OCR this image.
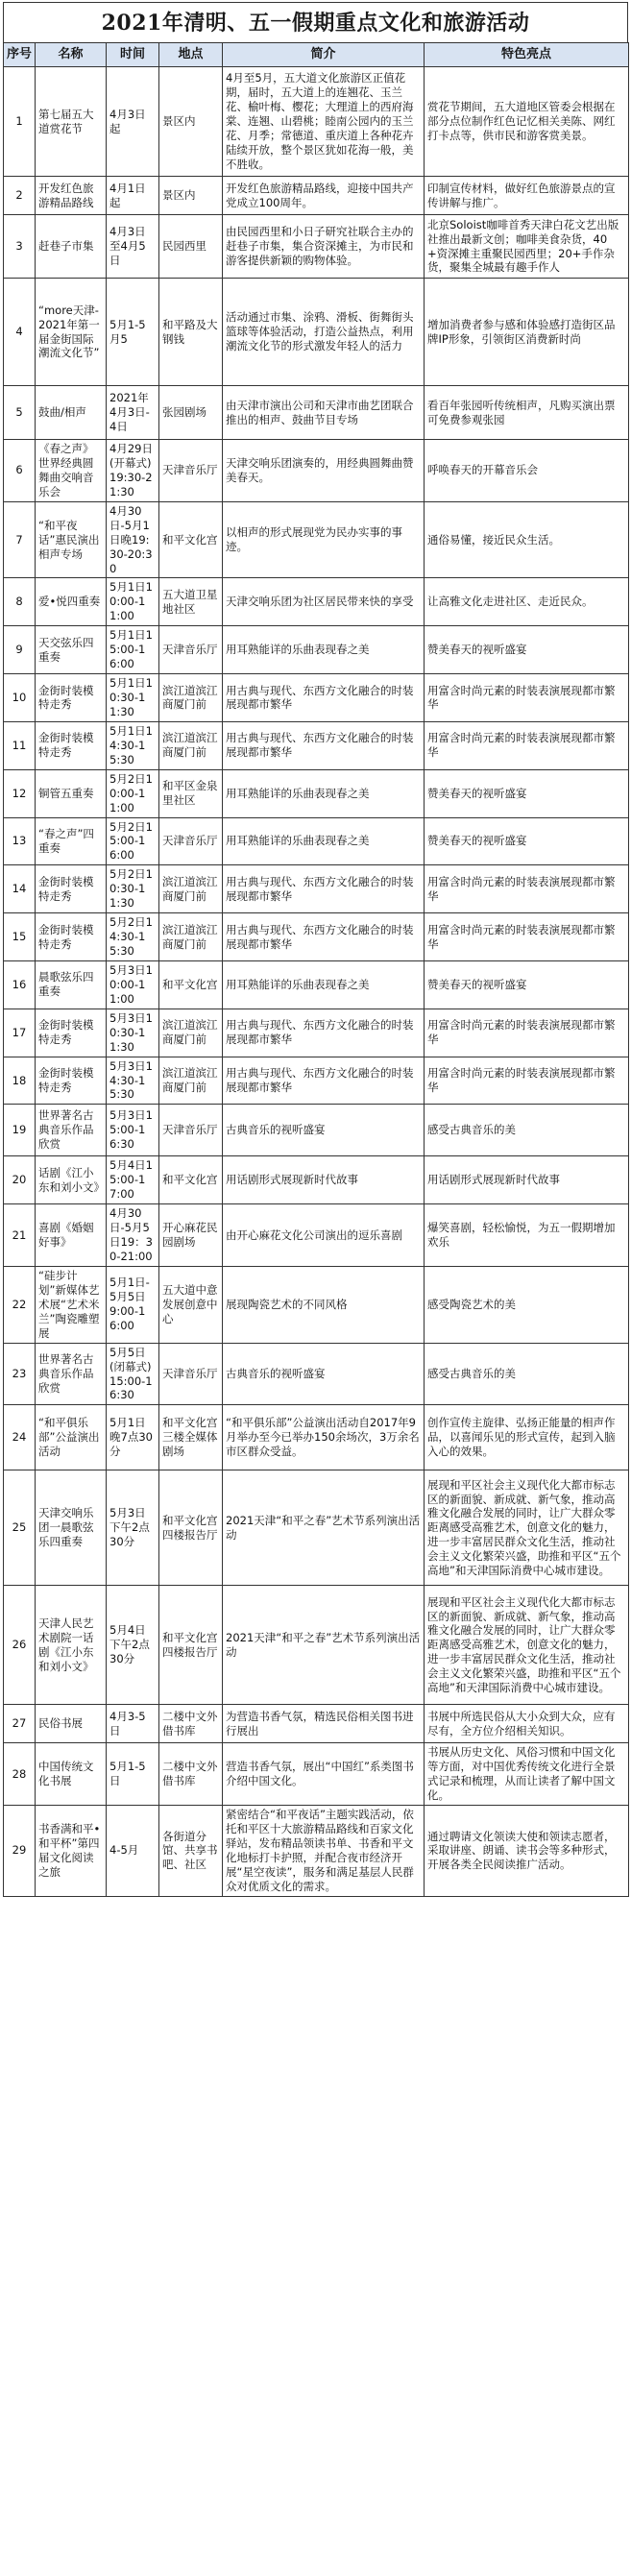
2021年清明、五一假期重点文化和旅游活动
序号	名称	时间	地点	简介	特色亮点
1	第七届五大道赏花节	4月3日起	景区内	4月至5月，五大道文化旅游区正值花期，届时，五大道上的连翘花、玉兰花、榆叶梅、樱花；大理道上的西府海棠、连翘、山碧桃；睦南公园内的玉兰花、月季；常德道、重庆道上各种花卉陆续开放，整个景区犹如花海一般，美不胜收。	赏花节期间，五大道地区管委会根据在部分点位制作红色记忆相关美陈、网红打卡点等，供市民和游客赏美景。
2	开发红色旅游精品路线	4月1日起	景区内	开发红色旅游精品路线，迎接中国共产党成立100周年。	印制宣传材料，做好红色旅游景点的宣传讲解与推广。
3	赶巷子市集	4月3日至4月5日	民园西里	由民园西里和小日子研究社联合主办的赶巷子市集，集合资深摊主，为市民和游客提供新颖的购物体验。	北京Soloist咖啡首秀天津白花文艺出版社推出最新文创；咖啡美食杂货，40+资深摊主重聚民园西里；20+手作杂货，聚集全城最有趣手作人
4	“more天津-2021年第一届金街国际潮流文化节”	5月1-5月5	和平路及大钢钱	活动通过市集、涂鸦、滑板、街舞街头篮球等体验活动，打造公益热点，利用潮流文化节的形式激发年轻人的活力	增加消费者参与感和体验感打造街区品牌IP形象，引领街区消费新时尚
5	鼓曲/相声	2021年4月3日-4日	张园剧场	由天津市演出公司和天津市曲艺团联合推出的相声、鼓曲节目专场	看百年张园听传统相声，凡购买演出票可免费参观张园
6	《春之声》世界经典圆舞曲交响音乐会	4月29日(开幕式)19:30-21:30	天津音乐厅	天津交响乐团演奏的，用经典圆舞曲赞美春天。	呼唤春天的开幕音乐会
7	“和平夜话”惠民演出相声专场	4月30日-5月1日晚19:30-20:30	和平文化宫	以相声的形式展现党为民办实事的事迹。	通俗易懂，接近民众生活。
8	爱•悦四重奏	5月1日10:00-11:00	五大道卫星地社区	天津交响乐团为社区居民带来快的享受	让高雅文化走进社区、走近民众。
9	天交弦乐四重奏	5月1日15:00-16:00	天津音乐厅	用耳熟能详的乐曲表现春之美	赞美春天的视听盛宴
10	金街时装模特走秀	5月1日10:30-11:30	滨江道滨江商厦门前	用古典与现代、东西方文化融合的时装展现都市繁华	用富含时尚元素的时装表演展现都市繁华
11	金街时装模特走秀	5月1日14:30-15:30	滨江道滨江商厦门前	用古典与现代、东西方文化融合的时装展现都市繁华	用富含时尚元素的时装表演展现都市繁华
12	铜管五重奏	5月2日10:00-11:00	和平区金泉里社区	用耳熟能详的乐曲表现春之美	赞美春天的视听盛宴
13	“春之声”四重奏	5月2日15:00-16:00	天津音乐厅	用耳熟能详的乐曲表现春之美	赞美春天的视听盛宴
14	金街时装模特走秀	5月2日10:30-11:30	滨江道滨江商厦门前	用古典与现代、东西方文化融合的时装展现都市繁华	用富含时尚元素的时装表演展现都市繁华
15	金街时装模特走秀	5月2日14:30-15:30	滨江道滨江商厦门前	用古典与现代、东西方文化融合的时装展现都市繁华	用富含时尚元素的时装表演展现都市繁华
16	晨歌弦乐四重奏	5月3日10:00-11:00	和平文化宫	用耳熟能详的乐曲表现春之美	赞美春天的视听盛宴
17	金街时装模特走秀	5月3日10:30-11:30	滨江道滨江商厦门前	用古典与现代、东西方文化融合的时装展现都市繁华	用富含时尚元素的时装表演展现都市繁华
18	金街时装模特走秀	5月3日14:30-15:30	滨江道滨江商厦门前	用古典与现代、东西方文化融合的时装展现都市繁华	用富含时尚元素的时装表演展现都市繁华
19	世界著名古典音乐作品欣赏	5月3日15:00-16:30	天津音乐厅	古典音乐的视听盛宴	感受古典音乐的美
20	话剧《江小东和刘小文》	5月4日15:00-17:00	和平文化宫	用话剧形式展现新时代故事	用话剧形式展现新时代故事
21	喜剧《婚姻好事》	4月30日-5月5日19：30-21:00	开心麻花民园剧场	由开心麻花文化公司演出的逗乐喜剧	爆笑喜剧，轻松愉悦，为五一假期增加欢乐
22	“硅步计划”新媒体艺术展“艺术米兰”陶瓷雕塑展	5月1日-5月5日9:00-16:00	五大道中意发展创意中心	展现陶瓷艺术的不同风格	感受陶瓷艺术的美
23	世界著名古典音乐作品欣赏	5月5日(闭幕式)15:00-16:30	天津音乐厅	古典音乐的视听盛宴	感受古典音乐的美
24	“和平俱乐部”公益演出活动	5月1日晚7点30分	和平文化宫三楼全媒体剧场	“和平俱乐部”公益演出活动自2017年9月举办至今已举办150余场次，3万余名市区群众受益。	创作宣传主旋律、弘扬正能量的相声作品，以喜闻乐见的形式宣传，起到入脑入心的效果。
25	天津交响乐团一晨歌弦乐四重奏	5月3日下午2点30分	和平文化宫四楼报告厅	2021天津“和平之春”艺术节系列演出活动	展现和平区社会主义现代化大都市标志区的新面貌、新成就、新气象，推动高雅文化融合发展的同时，让广大群众零距离感受高雅艺术，创意文化的魅力，进一步丰富居民群众文化生活，推动社会主义文化繁荣兴盛，助推和平区“五个高地”和天津国际消费中心城市建设。
26	天津人民艺术剧院一话剧《江小东和刘小文》	5月4日下午2点30分	和平文化宫四楼报告厅	2021天津“和平之春”艺术节系列演出活动	展现和平区社会主义现代化大都市标志区的新面貌、新成就、新气象，推动高雅文化融合发展的同时，让广大群众零距离感受高雅艺术，创意文化的魅力，进一步丰富居民群众文化生活，推动社会主义文化繁荣兴盛，助推和平区“五个高地”和天津国际消费中心城市建设。
27	民俗书展	4月3-5日	二楼中文外借书库	为营造书香气氛，精选民俗相关图书进行展出	书展中所选民俗从大小众到大众，应有尽有，全方位介绍相关知识。
28	中国传统文化书展	5月1-5日	二楼中文外借书库	营造书香气氛，展出“中国红”系类图书介绍中国文化。	书展从历史文化、风俗习惯和中国文化等方面，对中国优秀传统文化进行全景式记录和梳理，从而让读者了解中国文化。
29	书香满和平•和平杯”第四届文化阅读之旅	4-5月	各街道分馆、共享书吧、社区	紧密结合“和平夜话”主题实践活动，依托和平区十大旅游精品路线和百家文化驿站，发布精品领读书单、书香和平文化地标打卡护照，并配合夜市经济开展“星空夜读”，服务和满足基层人民群众对优质文化的需求。	通过聘请文化领读大使和领读志愿者，采取讲座、朗诵、读书会等多种形式，开展各类全民阅读推广活动。
